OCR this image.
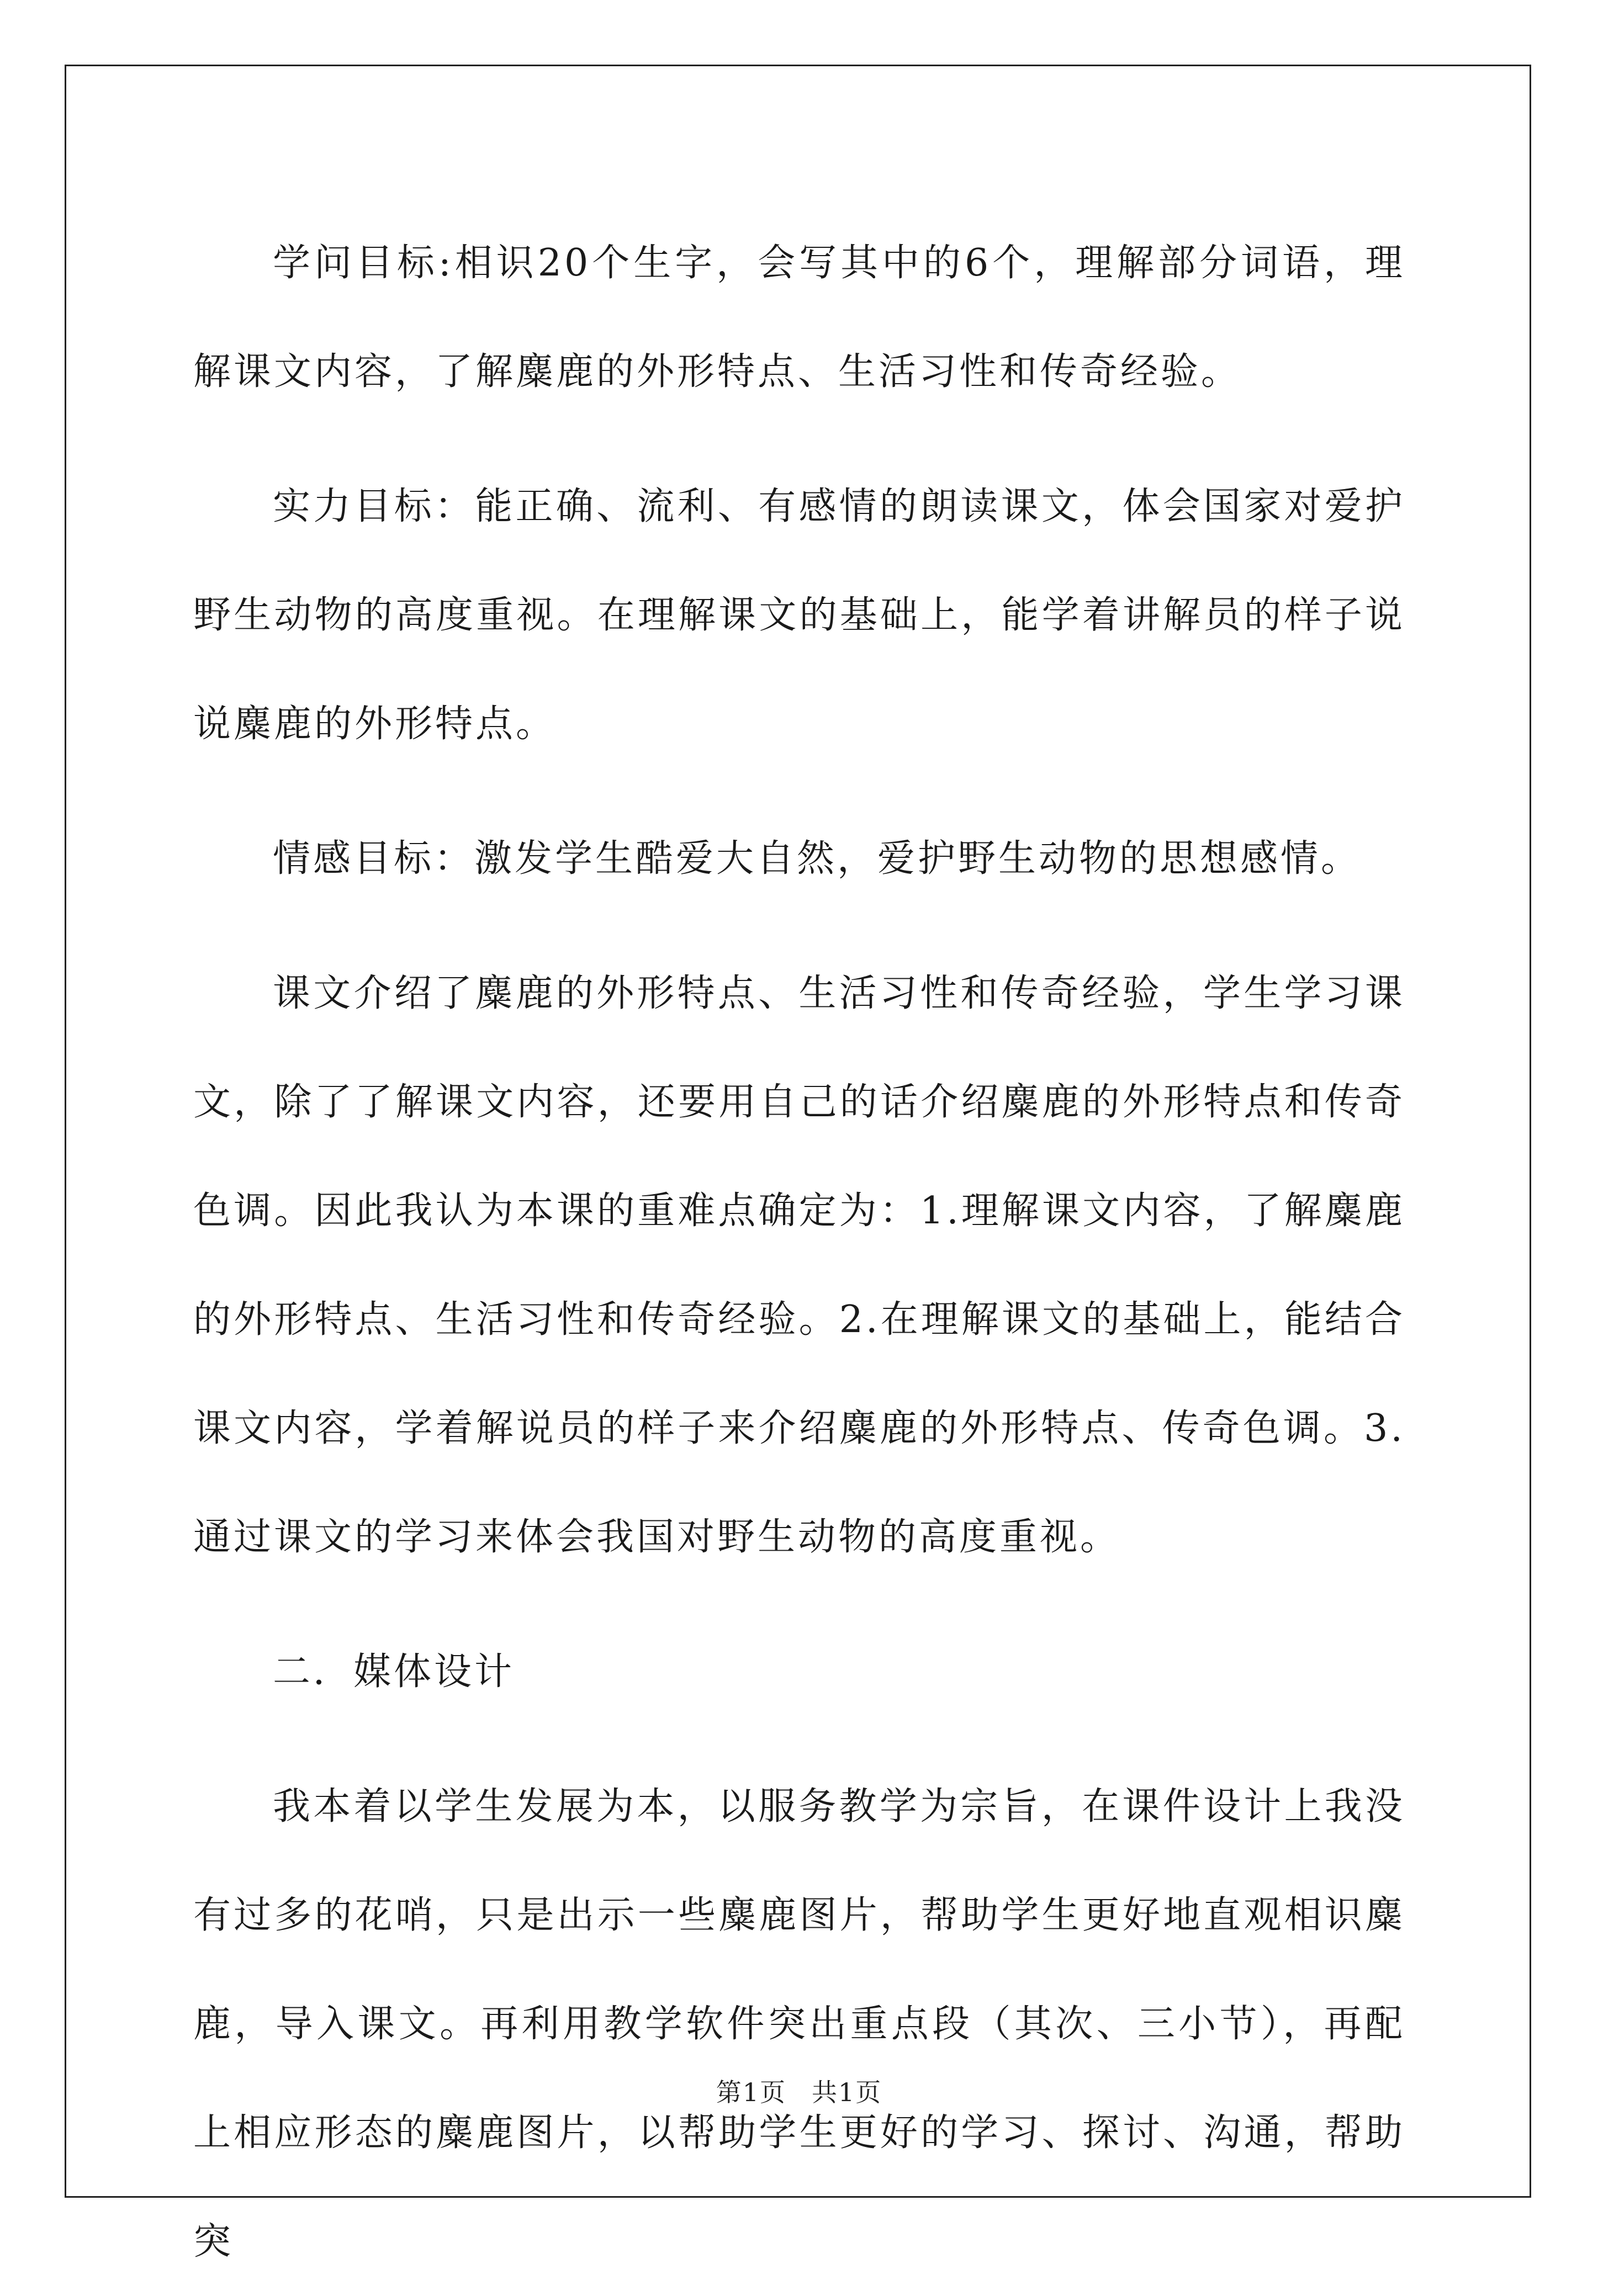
学问目标:相识20个生字，会写其中的6个，理解部分词语，理解课文内容，了解麋鹿的外形特点、生活习性和传奇经验。

实力目标：能正确、流利、有感情的朗读课文，体会国家对爱护野生动物的高度重视。在理解课文的基础上，能学着讲解员的样子说说麋鹿的外形特点。

情感目标：激发学生酷爱大自然，爱护野生动物的思想感情。

课文介绍了麋鹿的外形特点、生活习性和传奇经验，学生学习课文，除了了解课文内容，还要用自己的话介绍麋鹿的外形特点和传奇色调。因此我认为本课的重难点确定为：1.理解课文内容，了解麋鹿的外形特点、生活习性和传奇经验。2.在理解课文的基础上，能结合课文内容，学着解说员的样子来介绍麋鹿的外形特点、传奇色调。3.通过课文的学习来体会我国对野生动物的高度重视。

二．媒体设计

我本着以学生发展为本，以服务教学为宗旨，在课件设计上我没有过多的花哨，只是出示一些麋鹿图片，帮助学生更好地直观相识麋鹿，导入课文。再利用教学软件突出重点段（其次、三小节），再配上相应形态的麋鹿图片，以帮助学生更好的学习、探讨、沟通，帮助突

第1页 共1页
